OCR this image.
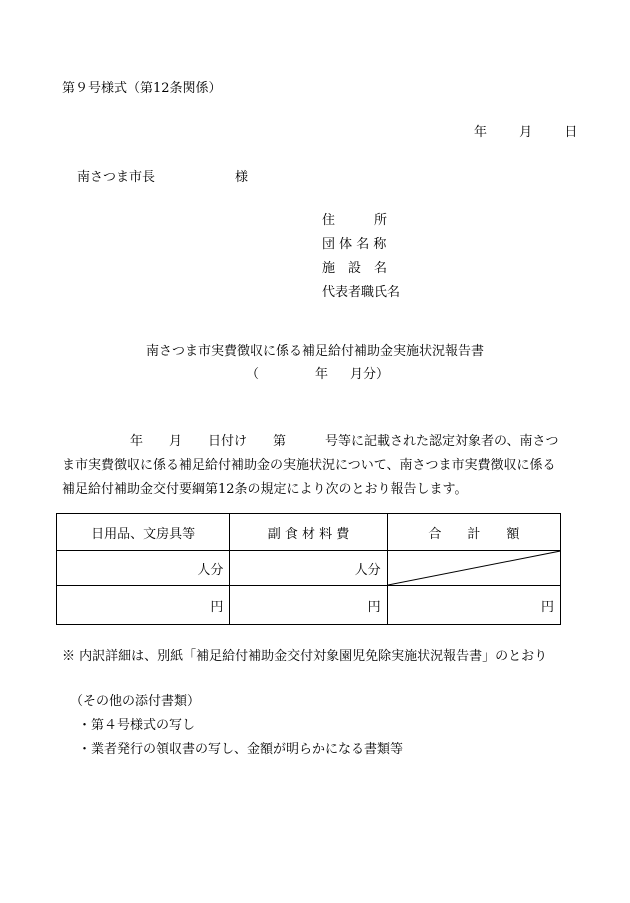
第９号様式（第12条関係）
年 月 日
南さつま市長	様
住　　　所
団 体 名 称
施　設　名
代表者職氏名
南さつま市実費徴収に係る補足給付補助金実施状況報告書
（	年 月分）

年　　月　　日付け　　第　　　号等に記載された認定対象者の、南さつ

ま市実費徴収に係る補足給付補助金の実施状況について、南さつま市実費徴収に係る

補足給付補助金交付要綱第12条の規定により次のとおり報告します。

日用品、文房具等	副 食 材 料 費	合　　計　　額
人分	人分	

円	円	円
※ 内訳詳細は、別紙「補足給付補助金交付対象園児免除実施状況報告書」のとおり
（その他の添付書類）
・第４号様式の写し
・業者発行の領収書の写し、金額が明らかになる書類等
